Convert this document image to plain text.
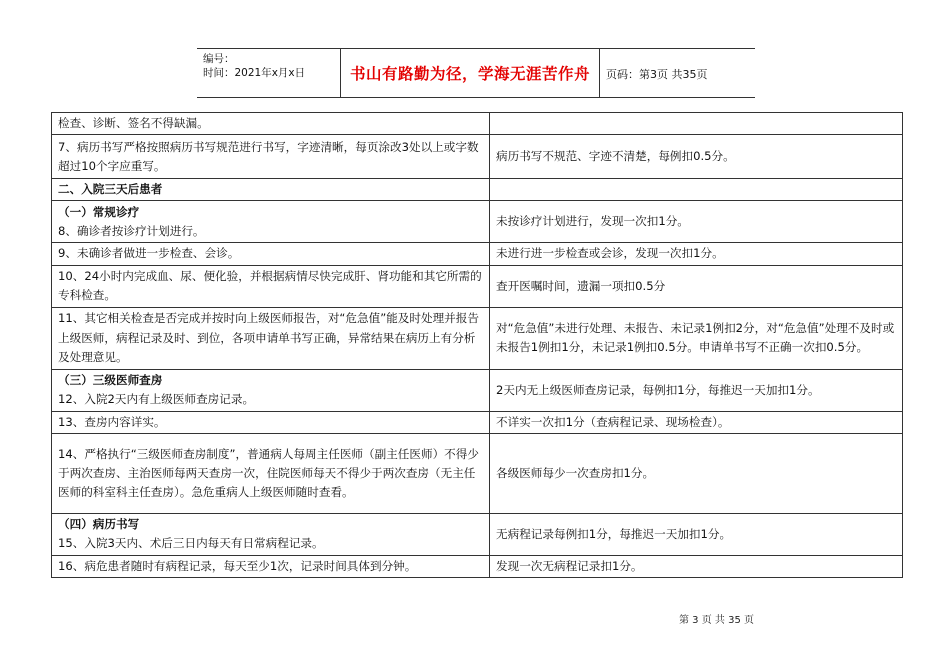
编号：
时间：2021年x月x日	书山有路勤为径，学海无涯苦作舟	页码：第3页 共35页
检查、诊断、签名不得缺漏。	
7、病历书写严格按照病历书写规范进行书写，字迹清晰，每页涂改3处以上或字数超过10个字应重写。	病历书写不规范、字迹不清楚，每例扣0.5分。
二、入院三天后患者	

（一）常规诊疗
8、确诊者按诊疗计划进行。	未按诊疗计划进行，发现一次扣1分。
9、未确诊者做进一步检查、会诊。	未进行进一步检查或会诊，发现一次扣1分。
10、24小时内完成血、尿、便化验，并根据病情尽快完成肝、肾功能和其它所需的专科检查。	查开医嘱时间，遗漏一项扣0.5分
11、其它相关检查是否完成并按时向上级医师报告，对“危急值”能及时处理并报告上级医师，病程记录及时、到位，各项申请单书写正确，异常结果在病历上有分析及处理意见。	对“危急值”未进行处理、未报告、未记录1例扣2分，对“危急值”处理不及时或未报告1例扣1分，未记录1例扣0.5分。申请单书写不正确一次扣0.5分。

（三）三级医师查房
12、入院2天内有上级医师查房记录。	2天内无上级医师查房记录，每例扣1分，每推迟一天加扣1分。
13、查房内容详实。	不详实一次扣1分（查病程记录、现场检查）。
14、严格执行“三级医师查房制度”，普通病人每周主任医师（副主任医师）不得少于两次查房、主治医师每两天查房一次，住院医师每天不得少于两次查房（无主任医师的科室科主任查房）。急危重病人上级医师随时查看。	各级医师每少一次查房扣1分。

（四）病历书写
15、入院3天内、术后三日内每天有日常病程记录。	无病程记录每例扣1分，每推迟一天加扣1分。
16、病危患者随时有病程记录，每天至少1次，记录时间具体到分钟。	发现一次无病程记录扣1分。
第 3 页 共 35 页
